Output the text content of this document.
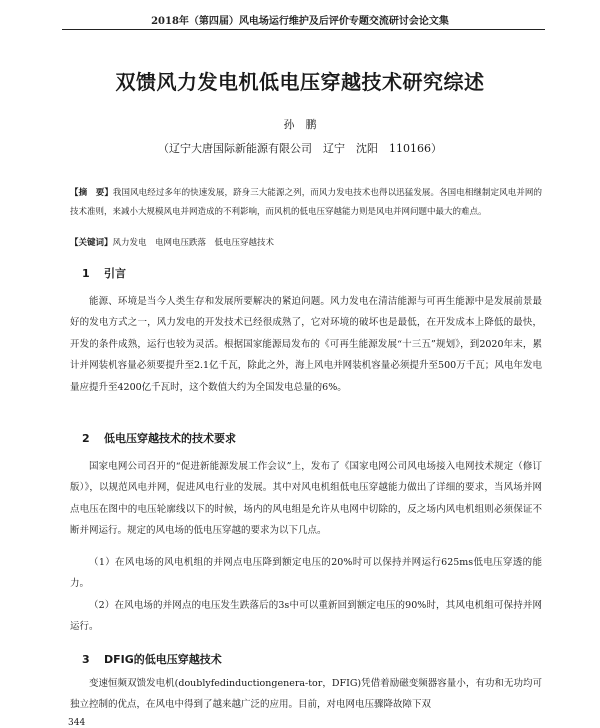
2018年（第四届）风电场运行维护及后评价专题交流研讨会论文集
双馈风力发电机低电压穿越技术研究综述
孙　鹏
（辽宁大唐国际新能源有限公司　辽宁　沈阳　110166）
【摘　要】我国风电经过多年的快速发展，跻身三大能源之列，而风力发电技术也得以迅猛发展。各国电相继制定风电并网的技术准则，来减小大规模风电并网造成的不利影响，而风机的低电压穿越能力则是风电并网问题中最大的难点。
【关键词】风力发电　电网电压跌落　低电压穿越技术
1 引言
能源、环境是当今人类生存和发展所要解决的紧迫问题。风力发电在清洁能源与可再生能源中是发展前景最好的发电方式之一，风力发电的开发技术已经很成熟了，它对环境的破坏也是最低，在开发成本上降低的最快，开发的条件成熟，运行也较为灵活。根据国家能源局发布的《可再生能源发展“十三五”规划》，到2020年末，累计并网装机容量必须要提升至2.1亿千瓦，除此之外，海上风电并网装机容量必须提升至500万千瓦；风电年发电量应提升至4200亿千瓦时，这个数值大约为全国发电总量的6%。
2 低电压穿越技术的技术要求
国家电网公司召开的“促进新能源发展工作会议”上，发布了《国家电网公司风电场接入电网技术规定（修订版）》，以规范风电并网，促进风电行业的发展。其中对风电机组低电压穿越能力做出了详细的要求，当风场并网点电压在图中的电压轮廓线以下的时候，场内的风电组是允许从电网中切除的，反之场内风电机组则必须保证不断并网运行。规定的风电场的低电压穿越的要求为以下几点。
（1）在风电场的风电机组的并网点电压降到额定电压的20%时可以保持并网运行625ms低电压穿透的能力。
（2）在风电场的并网点的电压发生跌落后的3s中可以重新回到额定电压的90%时，其风电机组可保持并网运行。
3 DFIG的低电压穿越技术
变速恒频双馈发电机(doublyfedinductiongenera-tor，DFIG)凭借着励磁变频器容量小，有功和无功均可独立控制的优点，在风电中得到了越来越广泛的应用。目前，对电网电压骤降故障下双
344
